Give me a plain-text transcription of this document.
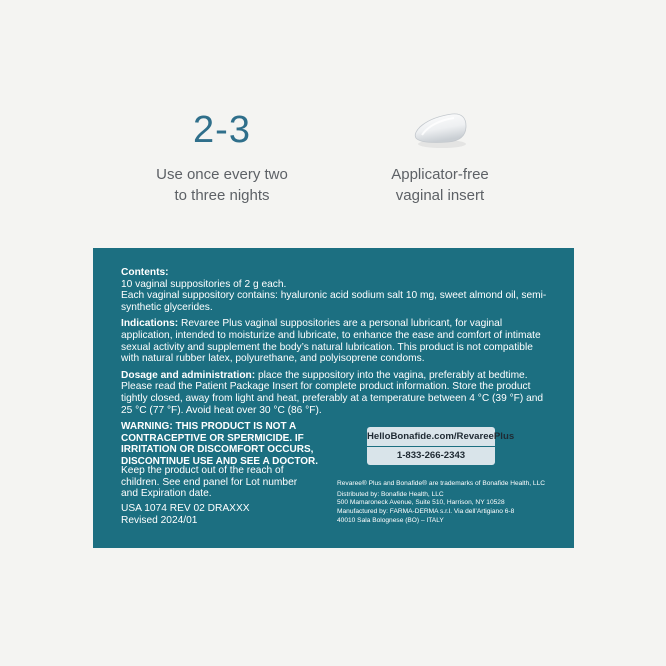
2-3
Use once every two
to three nights
Applicator-free
vaginal insert
Contents:
10 vaginal suppositories of 2 g each.
Each vaginal suppository contains: hyaluronic acid sodium salt 10 mg, sweet almond oil, semi-synthetic glycerides.
Indications: Revaree Plus vaginal suppositories are a personal lubricant, for vaginal application, intended to moisturize and lubricate, to enhance the ease and comfort of intimate sexual activity and supplement the body’s natural lubrication. This product is not compatible with natural rubber latex, polyurethane, and polyisoprene condoms.
Dosage and administration: place the suppository into the vagina, preferably at bedtime. Please read the Patient Package Insert for complete product information. Store the product tightly closed, away from light and heat, preferably at a temperature between 4 °C (39 °F) and 25 °C (77 °F). Avoid heat over 30 °C (86 °F).
WARNING: THIS PRODUCT IS NOT A CONTRACEPTIVE OR SPERMICIDE. IF IRRITATION OR DISCOMFORT OCCURS, DISCONTINUE USE AND SEE A DOCTOR.
Keep the product out of the reach of children. See end panel for Lot number and Expiration date.
USA 1074 REV 02 DRAXXX
Revised 2024/01
HelloBonafide.com/RevareePlus
1-833-266-2343
Revaree® Plus and Bonafide® are trademarks of Bonafide Health, LLC
Distributed by: Bonafide Health, LLC
500 Mamaroneck Avenue, Suite 510, Harrison, NY 10528
Manufactured by: FARMA-DERMA s.r.l. Via dell’Artigiano 6-8
40010 Sala Bolognese (BO) – ITALY
